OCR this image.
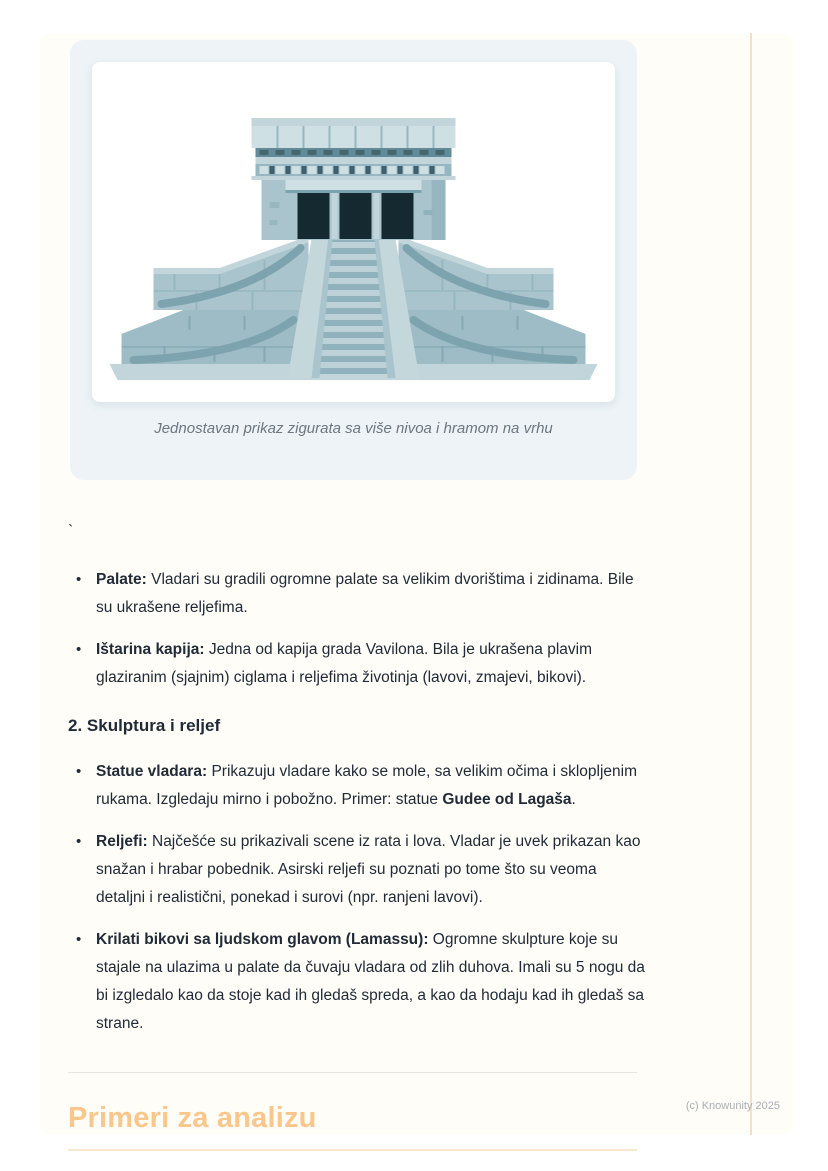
Jednostavan prikaz zigurata sa više nivoa i hramom na vrhu

`

• Palate: Vladari su gradili ogromne palate sa velikim dvorištima i zidinama. Bile su ukrašene reljefima.
• Ištarina kapija: Jedna od kapija grada Vavilona. Bila je ukrašena plavim glaziranim (sjajnim) ciglama i reljefima životinja (lavovi, zmajevi, bikovi).
2. Skulptura i reljef
• Statue vladara: Prikazuju vladare kako se mole, sa velikim očima i sklopljenim rukama. Izgledaju mirno i pobožno. Primer: statue Gudee od Lagaša.
• Reljefi: Najčešće su prikazivali scene iz rata i lova. Vladar je uvek prikazan kao snažan i hrabar pobednik. Asirski reljefi su poznati po tome što su veoma detaljni i realistični, ponekad i surovi (npr. ranjeni lavovi).
• Krilati bikovi sa ljudskom glavom (Lamassu): Ogromne skulpture koje su stajale na ulazima u palate da čuvaju vladara od zlih duhova. Imali su 5 nogu da bi izgledalo kao da stoje kad ih gledaš spreda, a kao da hodaju kad ih gledaš sa strane.
Primeri za analizu	(c) Knowunity 2025
